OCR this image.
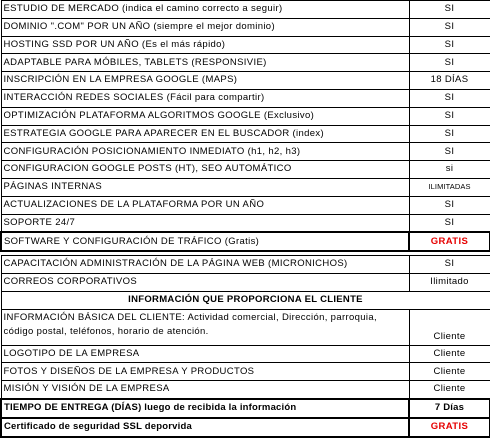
ESTUDIO DE MERCADO (indica el camino correcto a seguir)	SI
DOMINIO ".COM" POR UN AÑO (siempre el mejor dominio)	SI
HOSTING SSD POR UN AÑO (Es el más rápido)	SI
ADAPTABLE PARA MÓBILES, TABLETS (RESPONSIVIE)	SI
INSCRIPCIÓN EN LA EMPRESA GOOGLE (MAPS)	18 DÍAS
INTERACCIÓN REDES SOCIALES (Fácil para compartir)	SI
OPTIMIZACIÓN PLATAFORMA ALGORITMOS GOOGLE (Exclusivo)	SI
ESTRATEGIA GOOGLE PARA APARECER EN EL BUSCADOR (index)	SI
CONFIGURACIÓN POSICIONAMIENTO INMEDIATO (h1, h2, h3)	SI
CONFIGURACION GOOGLE POSTS (HT), SEO AUTOMÁTICO	si
PÁGINAS INTERNAS	ILIMITADAS
ACTUALIZACIONES DE LA PLATAFORMA POR UN AÑO	SI
SOPORTE 24/7	SI
SOFTWARE Y CONFIGURACIÓN DE TRÁFICO (Gratis)	GRATIS

CAPACITACIÓN ADMINISTRACIÓN DE LA PÁGINA WEB (MICRONICHOS)	SI
CORREOS CORPORATIVOS	Ilimitado
INFORMACIÓN QUE PROPORCIONA EL CLIENTE	
INFORMACIÓN BÁSICA DEL CLIENTE: Actividad comercial, Dirección, parroquia, código postal, teléfonos, horario de atención.	Cliente
LOGOTIPO DE LA EMPRESA	Cliente
FOTOS Y DISEÑOS DE LA EMPRESA Y PRODUCTOS	Cliente
MISIÓN Y VISIÓN DE LA EMPRESA	Cliente
TIEMPO DE ENTREGA (DÍAS) luego de recibida la información	7 Días
Certificado de seguridad SSL deporvida	GRATIS
